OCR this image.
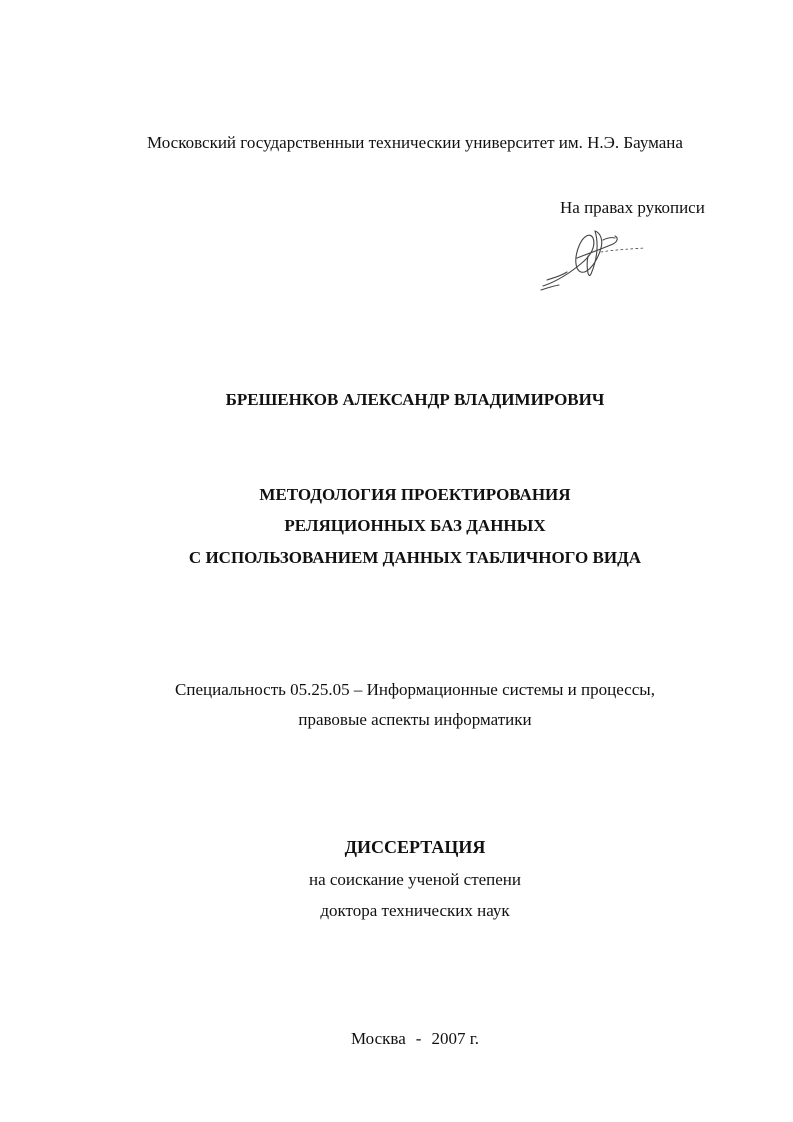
Московский государственныи техническии университет им. Н.Э. Баумана
На правах рукописи
БРЕШЕНКОВ АЛЕКСАНДР ВЛАДИМИРОВИЧ
МЕТОДОЛОГИЯ ПРОЕКТИРОВАНИЯ
РЕЛЯЦИОННЫХ БАЗ ДАННЫХ
С ИСПОЛЬЗОВАНИЕМ ДАННЫХ ТАБЛИЧНОГО ВИДА
Специальность 05.25.05 – Информационные системы и процессы,
правовые аспекты информатики
ДИССЕРТАЦИЯ
на соискание ученой степени
доктора технических наук
Москва - 2007 г.
